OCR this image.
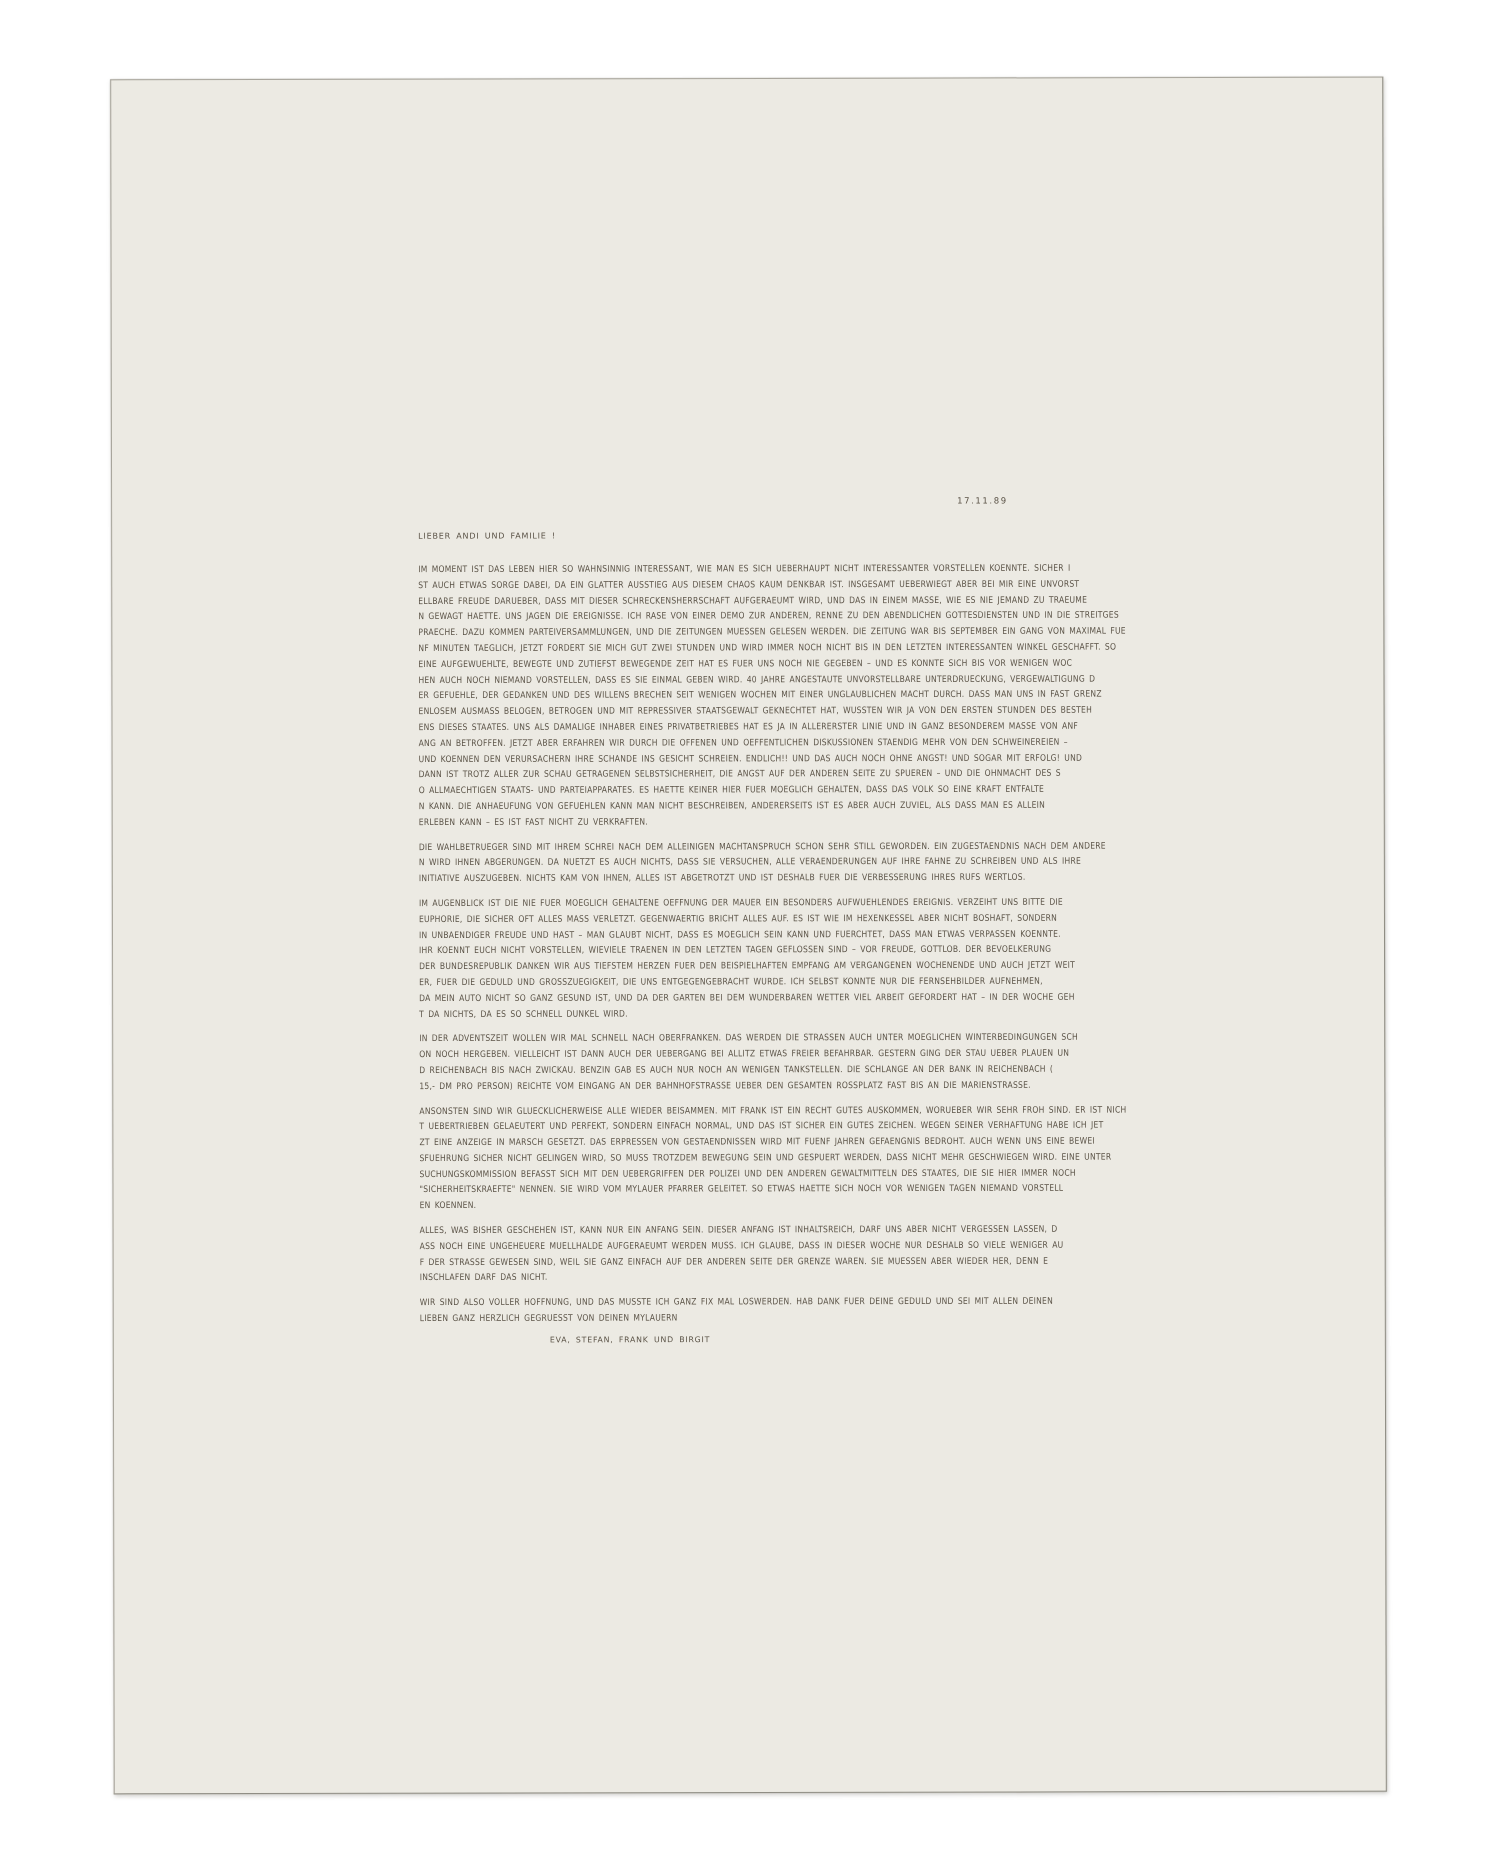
17.11.89
LIEBER ANDI UND FAMILIE !
IM MOMENT IST DAS LEBEN HIER SO WAHNSINNIG INTERESSANT, WIE MAN ES SICH UEBERHAUPT NICHT INTERESSANTER VORSTELLEN KOENNTE. SICHER I
ST AUCH ETWAS SORGE DABEI, DA EIN GLATTER AUSSTIEG AUS DIESEM CHAOS KAUM DENKBAR IST. INSGESAMT UEBERWIEGT ABER BEI MIR EINE UNVORST
ELLBARE FREUDE DARUEBER, DASS MIT DIESER SCHRECKENSHERRSCHAFT AUFGERAEUMT WIRD, UND DAS IN EINEM MASSE, WIE ES NIE JEMAND ZU TRAEUME
N GEWAGT HAETTE. UNS JAGEN DIE EREIGNISSE. ICH RASE VON EINER DEMO ZUR ANDEREN, RENNE ZU DEN ABENDLICHEN GOTTESDIENSTEN UND IN DIE STREITGES
PRAECHE. DAZU KOMMEN PARTEIVERSAMMLUNGEN, UND DIE ZEITUNGEN MUESSEN GELESEN WERDEN. DIE ZEITUNG WAR BIS SEPTEMBER EIN GANG VON MAXIMAL FUE
NF MINUTEN TAEGLICH, JETZT FORDERT SIE MICH GUT ZWEI STUNDEN UND WIRD IMMER NOCH NICHT BIS IN DEN LETZTEN INTERESSANTEN WINKEL GESCHAFFT. SO
EINE AUFGEWUEHLTE, BEWEGTE UND ZUTIEFST BEWEGENDE ZEIT HAT ES FUER UNS NOCH NIE GEGEBEN – UND ES KONNTE SICH BIS VOR WENIGEN WOC
HEN AUCH NOCH NIEMAND VORSTELLEN, DASS ES SIE EINMAL GEBEN WIRD. 40 JAHRE ANGESTAUTE UNVORSTELLBARE UNTERDRUECKUNG, VERGEWALTIGUNG D
ER GEFUEHLE, DER GEDANKEN UND DES WILLENS BRECHEN SEIT WENIGEN WOCHEN MIT EINER UNGLAUBLICHEN MACHT DURCH. DASS MAN UNS IN FAST GRENZ
ENLOSEM AUSMASS BELOGEN, BETROGEN UND MIT REPRESSIVER STAATSGEWALT GEKNECHTET HAT, WUSSTEN WIR JA VON DEN ERSTEN STUNDEN DES BESTEH
ENS DIESES STAATES. UNS ALS DAMALIGE INHABER EINES PRIVATBETRIEBES HAT ES JA IN ALLERERSTER LINIE UND IN GANZ BESONDEREM MASSE VON ANF
ANG AN BETROFFEN. JETZT ABER ERFAHREN WIR DURCH DIE OFFENEN UND OEFFENTLICHEN DISKUSSIONEN STAENDIG MEHR VON DEN SCHWEINEREIEN –
UND KOENNEN DEN VERURSACHERN IHRE SCHANDE INS GESICHT SCHREIEN. ENDLICH!! UND DAS AUCH NOCH OHNE ANGST! UND SOGAR MIT ERFOLG! UND
DANN IST TROTZ ALLER ZUR SCHAU GETRAGENEN SELBSTSICHERHEIT, DIE ANGST AUF DER ANDEREN SEITE ZU SPUEREN – UND DIE OHNMACHT DES S
O ALLMAECHTIGEN STAATS- UND PARTEIAPPARATES. ES HAETTE KEINER HIER FUER MOEGLICH GEHALTEN, DASS DAS VOLK SO EINE KRAFT ENTFALTE
N KANN. DIE ANHAEUFUNG VON GEFUEHLEN KANN MAN NICHT BESCHREIBEN, ANDERERSEITS IST ES ABER AUCH ZUVIEL, ALS DASS MAN ES ALLEIN
ERLEBEN KANN – ES IST FAST NICHT ZU VERKRAFTEN.
DIE WAHLBETRUEGER SIND MIT IHREM SCHREI NACH DEM ALLEINIGEN MACHTANSPRUCH SCHON SEHR STILL GEWORDEN. EIN ZUGESTAENDNIS NACH DEM ANDERE
N WIRD IHNEN ABGERUNGEN. DA NUETZT ES AUCH NICHTS, DASS SIE VERSUCHEN, ALLE VERAENDERUNGEN AUF IHRE FAHNE ZU SCHREIBEN UND ALS IHRE
INITIATIVE AUSZUGEBEN. NICHTS KAM VON IHNEN, ALLES IST ABGETROTZT UND IST DESHALB FUER DIE VERBESSERUNG IHRES RUFS WERTLOS.
IM AUGENBLICK IST DIE NIE FUER MOEGLICH GEHALTENE OEFFNUNG DER MAUER EIN BESONDERS AUFWUEHLENDES EREIGNIS. VERZEIHT UNS BITTE DIE
EUPHORIE, DIE SICHER OFT ALLES MASS VERLETZT. GEGENWAERTIG BRICHT ALLES AUF. ES IST WIE IM HEXENKESSEL ABER NICHT BOSHAFT, SONDERN
IN UNBAENDIGER FREUDE UND HAST – MAN GLAUBT NICHT, DASS ES MOEGLICH SEIN KANN UND FUERCHTET, DASS MAN ETWAS VERPASSEN KOENNTE.
IHR KOENNT EUCH NICHT VORSTELLEN, WIEVIELE TRAENEN IN DEN LETZTEN TAGEN GEFLOSSEN SIND – VOR FREUDE, GOTTLOB. DER BEVOELKERUNG
DER BUNDESREPUBLIK DANKEN WIR AUS TIEFSTEM HERZEN FUER DEN BEISPIELHAFTEN EMPFANG AM VERGANGENEN WOCHENENDE UND AUCH JETZT WEIT
ER, FUER DIE GEDULD UND GROSSZUEGIGKEIT, DIE UNS ENTGEGENGEBRACHT WURDE. ICH SELBST KONNTE NUR DIE FERNSEHBILDER AUFNEHMEN,
DA MEIN AUTO NICHT SO GANZ GESUND IST, UND DA DER GARTEN BEI DEM WUNDERBAREN WETTER VIEL ARBEIT GEFORDERT HAT – IN DER WOCHE GEH
T DA NICHTS, DA ES SO SCHNELL DUNKEL WIRD.
IN DER ADVENTSZEIT WOLLEN WIR MAL SCHNELL NACH OBERFRANKEN. DAS WERDEN DIE STRASSEN AUCH UNTER MOEGLICHEN WINTERBEDINGUNGEN SCH
ON NOCH HERGEBEN. VIELLEICHT IST DANN AUCH DER UEBERGANG BEI ALLITZ ETWAS FREIER BEFAHRBAR. GESTERN GING DER STAU UEBER PLAUEN UN
D REICHENBACH BIS NACH ZWICKAU. BENZIN GAB ES AUCH NUR NOCH AN WENIGEN TANKSTELLEN. DIE SCHLANGE AN DER BANK IN REICHENBACH (
15,- DM PRO PERSON) REICHTE VOM EINGANG AN DER BAHNHOFSTRASSE UEBER DEN GESAMTEN ROSSPLATZ FAST BIS AN DIE MARIENSTRASSE.
ANSONSTEN SIND WIR GLUECKLICHERWEISE ALLE WIEDER BEISAMMEN. MIT FRANK IST EIN RECHT GUTES AUSKOMMEN, WORUEBER WIR SEHR FROH SIND. ER IST NICH
T UEBERTRIEBEN GELAEUTERT UND PERFEKT, SONDERN EINFACH NORMAL, UND DAS IST SICHER EIN GUTES ZEICHEN. WEGEN SEINER VERHAFTUNG HABE ICH JET
ZT EINE ANZEIGE IN MARSCH GESETZT. DAS ERPRESSEN VON GESTAENDNISSEN WIRD MIT FUENF JAHREN GEFAENGNIS BEDROHT. AUCH WENN UNS EINE BEWEI
SFUEHRUNG SICHER NICHT GELINGEN WIRD, SO MUSS TROTZDEM BEWEGUNG SEIN UND GESPUERT WERDEN, DASS NICHT MEHR GESCHWIEGEN WIRD. EINE UNTER
SUCHUNGSKOMMISSION BEFASST SICH MIT DEN UEBERGRIFFEN DER POLIZEI UND DEN ANDEREN GEWALTMITTELN DES STAATES, DIE SIE HIER IMMER NOCH
"SICHERHEITSKRAEFTE" NENNEN. SIE WIRD VOM MYLAUER PFARRER GELEITET. SO ETWAS HAETTE SICH NOCH VOR WENIGEN TAGEN NIEMAND VORSTELL
EN KOENNEN.
ALLES, WAS BISHER GESCHEHEN IST, KANN NUR EIN ANFANG SEIN. DIESER ANFANG IST INHALTSREICH, DARF UNS ABER NICHT VERGESSEN LASSEN, D
ASS NOCH EINE UNGEHEUERE MUELLHALDE AUFGERAEUMT WERDEN MUSS. ICH GLAUBE, DASS IN DIESER WOCHE NUR DESHALB SO VIELE WENIGER AU
F DER STRASSE GEWESEN SIND, WEIL SIE GANZ EINFACH AUF DER ANDEREN SEITE DER GRENZE WAREN. SIE MUESSEN ABER WIEDER HER, DENN E
INSCHLAFEN DARF DAS NICHT.
WIR SIND ALSO VOLLER HOFFNUNG, UND DAS MUSSTE ICH GANZ FIX MAL LOSWERDEN. HAB DANK FUER DEINE GEDULD UND SEI MIT ALLEN DEINEN
LIEBEN GANZ HERZLICH GEGRUESST VON DEINEN MYLAUERN
EVA, STEFAN, FRANK UND BIRGIT
